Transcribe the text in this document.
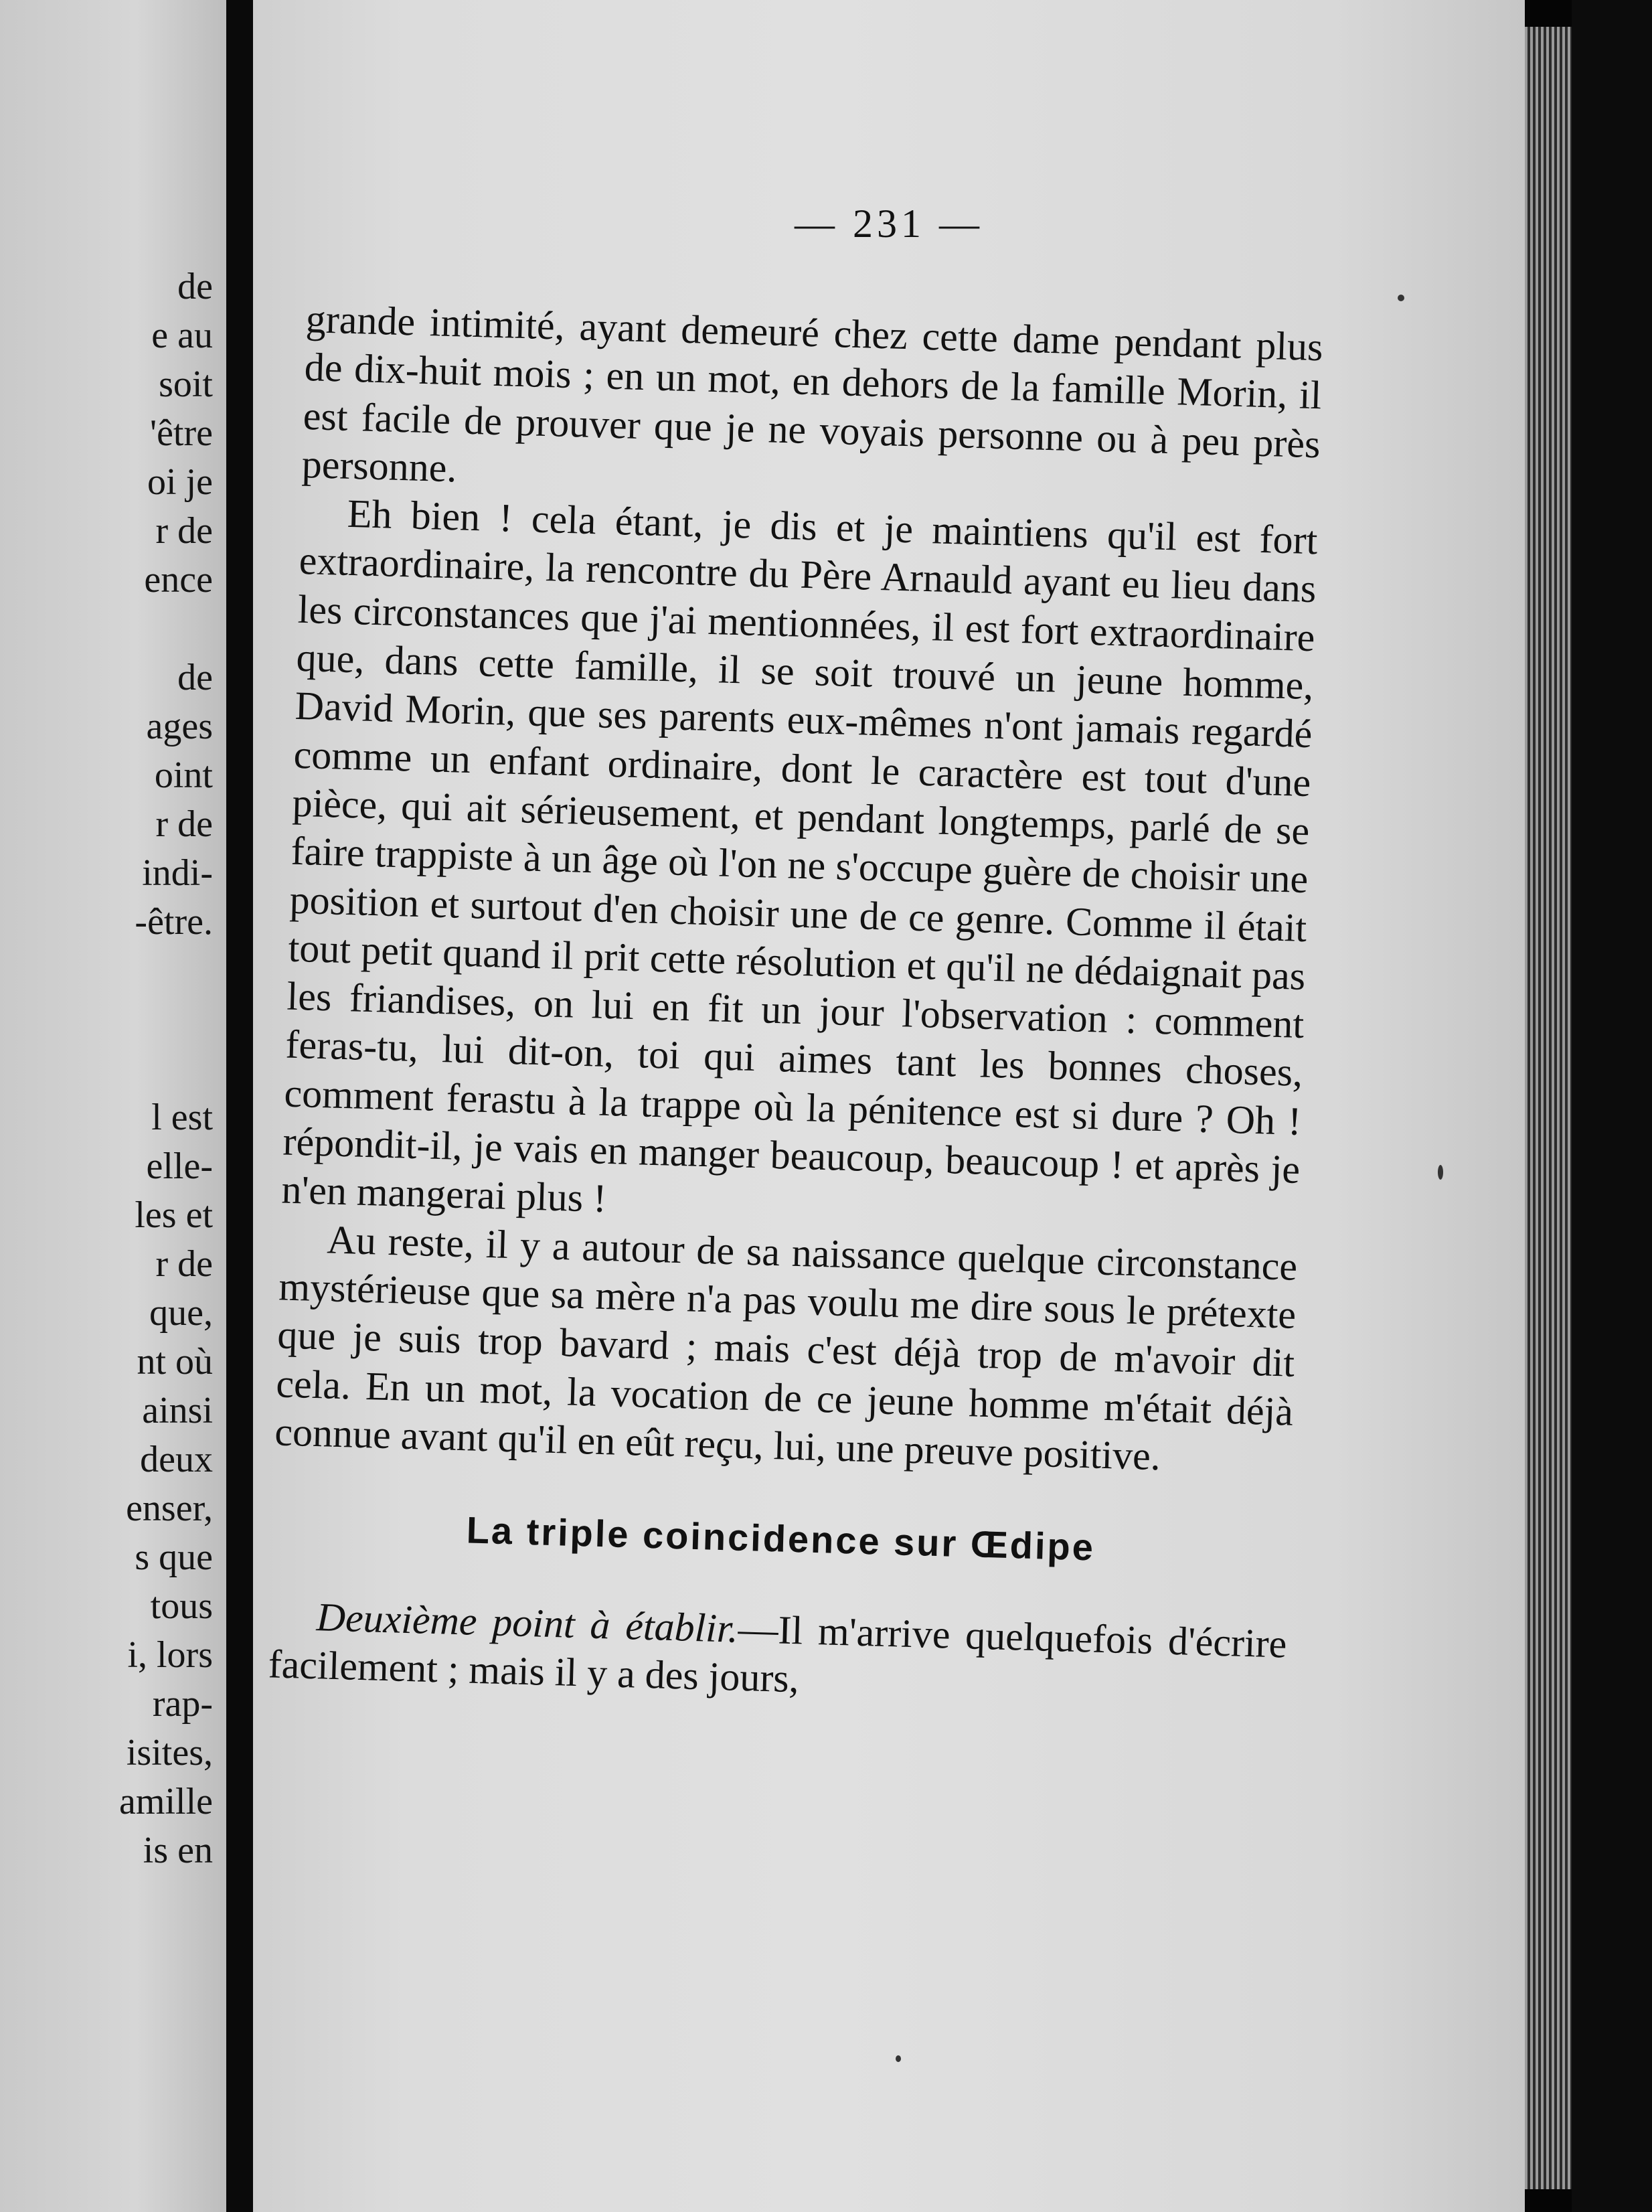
de
e au
soit
'être
oi je
r de
ence
de
ages
oint
r de
indi-
-être.
l est
elle-
les et
r de
que,
nt où
ainsi
deux
enser,
s que
tous
i, lors
rap-
isites,
amille
is en
— 231 —

grande intimité, ayant demeuré chez cette dame pendant plus de dix-huit mois ; en un mot, en dehors de la famille Morin, il est facile de prouver que je ne voyais personne ou à peu près personne.

Eh bien ! cela étant, je dis et je maintiens qu'il est fort extraordinaire, la rencontre du Père Arnauld ayant eu lieu dans les circonstances que j'ai mentionnées, il est fort extraordinaire que, dans cette famille, il se soit trouvé un jeune homme, David Morin, que ses parents eux-mêmes n'ont jamais regardé comme un enfant ordinaire, dont le caractère est tout d'une pièce, qui ait sérieusement, et pendant longtemps, parlé de se faire trappiste à un âge où l'on ne s'occupe guère de choisir une position et surtout d'en choisir une de ce genre. Comme il était tout petit quand il prit cette résolution et qu'il ne dédaignait pas les friandises, on lui en fit un jour l'observation : comment feras-tu, lui dit-on, toi qui aimes tant les bonnes choses, comment ferastu à la trappe où la pénitence est si dure ? Oh ! répondit-il, je vais en manger beaucoup, beaucoup ! et après je n'en mangerai plus !

Au reste, il y a autour de sa naissance quelque circonstance mystérieuse que sa mère n'a pas voulu me dire sous le prétexte que je suis trop bavard ; mais c'est déjà trop de m'avoir dit cela. En un mot, la vocation de ce jeune homme m'était déjà connue avant qu'il en eût reçu, lui, une preuve positive.

La triple coincidence sur Œdipe

Deuxième point à établir.—Il m'arrive quelquefois d'écrire facilement ; mais il y a des jours,
